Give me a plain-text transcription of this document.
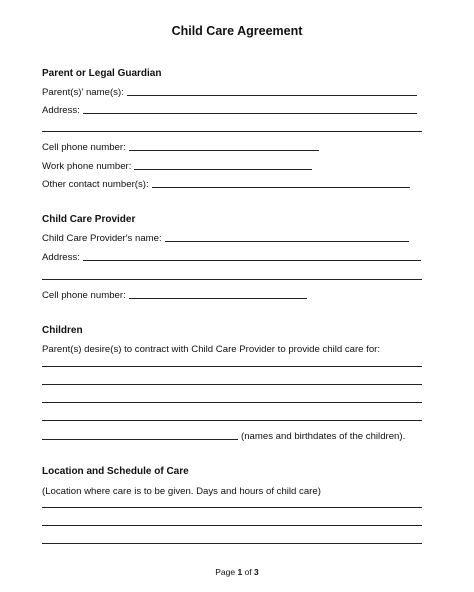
Child Care Agreement
Parent or Legal Guardian
Parent(s)' name(s):
Address:
Cell phone number:
Work phone number:
Other contact number(s):
Child Care Provider
Child Care Provider's name:
Address:
Cell phone number:
Children
Parent(s) desire(s) to contract with Child Care Provider to provide child care for:
(names and birthdates of the children).
Location and Schedule of Care
(Location where care is to be given. Days and hours of child care)
Page 1 of 3
